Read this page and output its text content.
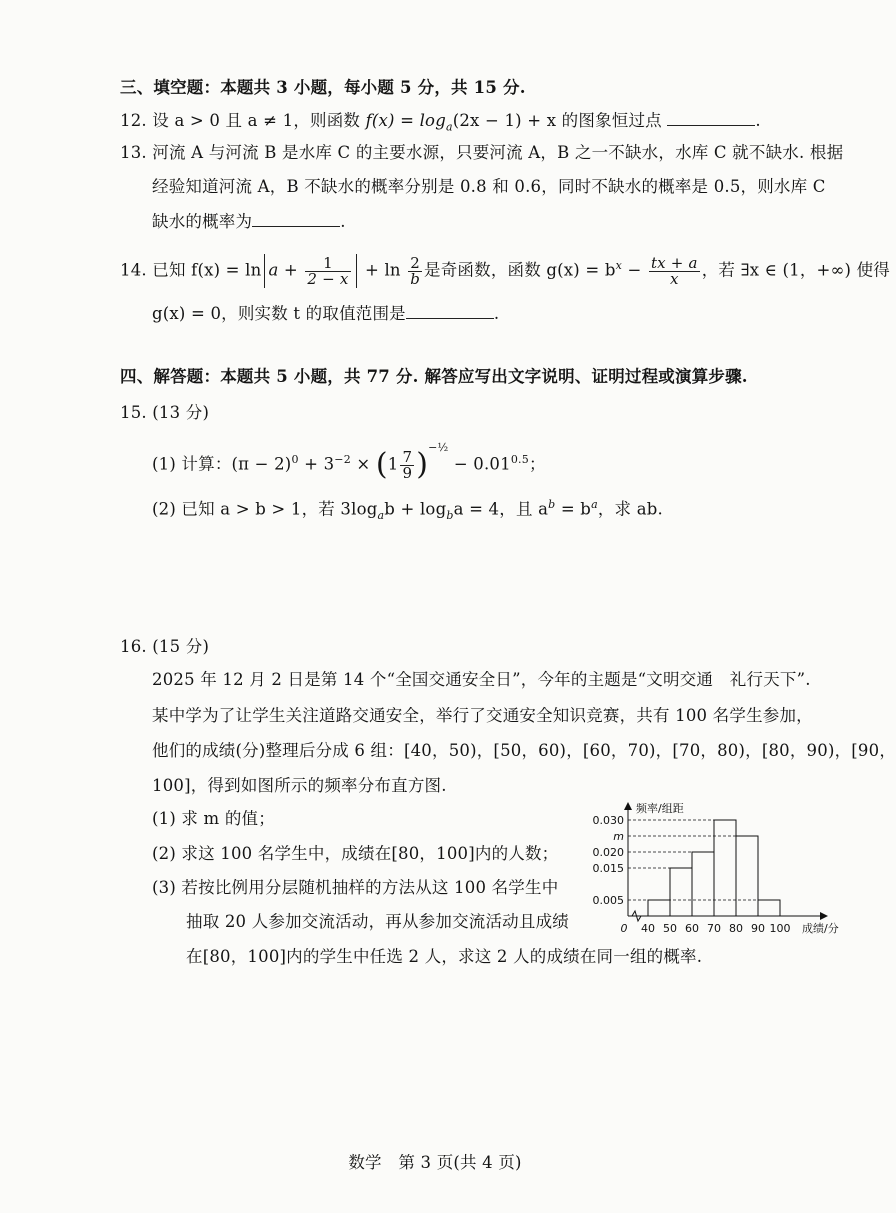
三、填空题：本题共 3 小题，每小题 5 分，共 15 分.
12. 设 a > 0 且 a ≠ 1，则函数 $f(x) = \log_a(2x - 1) + x$ 的图象恒过点	.
13. 河流 A 与河流 B 是水库 C 的主要水源，只要河流 A，B 之一不缺水，水库 C 就不缺水. 根据
经验知道河流 A，B 不缺水的概率分别是 0.8 和 0.6，同时不缺水的概率是 0.5，则水库 C
缺水的概率为	.
14. 已知 $f(x) = \ln a + \frac{1}{2 - x} + \ln \frac{2}{b}$ 是奇函数，函数 $g(x) = b^x - \frac{tx + a}{x}$ ，若 ∃x ∈ (1，+∞) 使得
g(x) = 0，则实数 t 的取值范围是	.
四、解答题：本题共 5 小题，共 77 分. 解答应写出文字说明、证明过程或演算步骤.
15. (13 分)
(1) 计算：$(\pi - 2)^0 + 3^{-2} \times (1 \frac{7}{9} )^{-\frac{1}{2}} - 0.01^{0.5}$；
(2) 已知 a > b > 1，若 $3\log_ab + \log_ba = 4$，且 $a^b = b^a$，求 ab.
16. (15 分)
2025 年 12 月 2 日是第 14 个“全国交通安全日”，今年的主题是“文明交通　礼行天下”.
某中学为了让学生关注道路交通安全，举行了交通安全知识竞赛，共有 100 名学生参加，
他们的成绩(分)整理后分成 6 组：[40，50)，[50，60)，[60，70)，[70，80)，[80，90)，[90，
100]，得到如图所示的频率分布直方图.
(1) 求 m 的值；
(2) 求这 100 名学生中，成绩在[80，100]内的人数；
(3) 若按比例用分层随机抽样的方法从这 100 名学生中
抽取 20 人参加交流活动，再从参加交流活动且成绩
在[80，100]内的学生中任选 2 人，求这 2 人的成绩在同一组的概率.
频率/组距
成绩/分
0.005
0.015
0.020
m
0.030
0 40 50 60 70 80 90 100
数学　第 3 页(共 4 页)
